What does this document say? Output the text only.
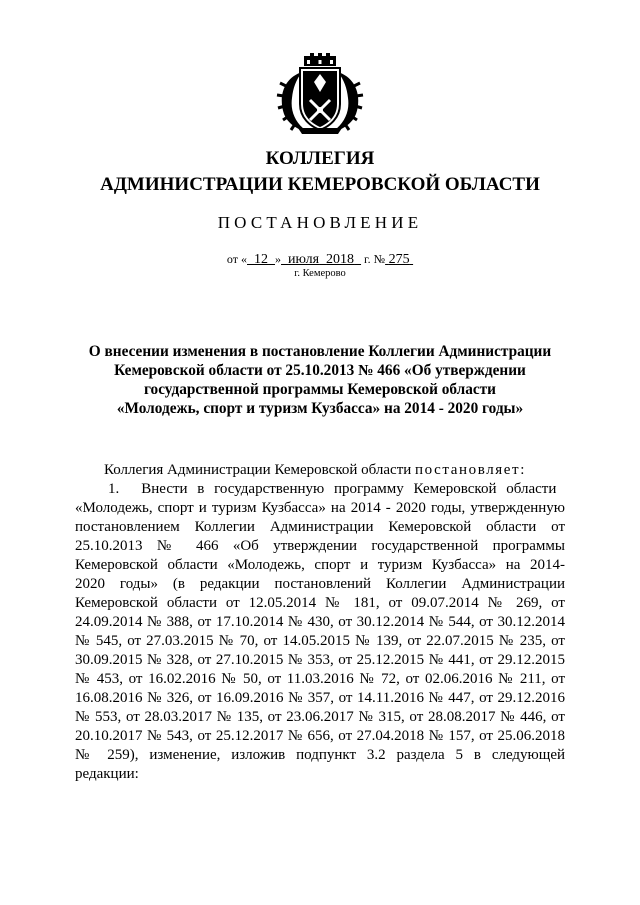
КОЛЛЕГИЯ
АДМИНИСТРАЦИИ КЕМЕРОВСКОЙ ОБЛАСТИ
ПОСТАНОВЛЕНИЕ
от « 12 » июля 2018 г. № 275
г. Кемерово
О внесении изменения в постановление Коллегии Администрации
Кемеровской области от 25.10.2013 № 466 «Об утверждении
государственной программы Кемеровской области
«Молодежь, спорт и туризм Кузбасса» на 2014 - 2020 годы»
Коллегия Администрации Кемеровской области постановляет:
1. Внести в государственную программу Кемеровской области
«Молодежь, спорт и туризм Кузбасса» на 2014 - 2020 годы, утвержденную
постановлением Коллегии Администрации Кемеровской области от
25.10.2013 № 466 «Об утверждении государственной программы
Кемеровской области «Молодежь, спорт и туризм Кузбасса» на 2014-
2020 годы» (в редакции постановлений Коллегии Администрации
Кемеровской области от 12.05.2014 № 181, от 09.07.2014 № 269, от
24.09.2014 № 388, от 17.10.2014 № 430, от 30.12.2014 № 544, от 30.12.2014
№ 545, от 27.03.2015 № 70, от 14.05.2015 № 139, от 22.07.2015 № 235, от
30.09.2015 № 328, от 27.10.2015 № 353, от 25.12.2015 № 441, от 29.12.2015
№ 453, от 16.02.2016 № 50, от 11.03.2016 № 72, от 02.06.2016 № 211, от
16.08.2016 № 326, от 16.09.2016 № 357, от 14.11.2016 № 447, от 29.12.2016
№ 553, от 28.03.2017 № 135, от 23.06.2017 № 315, от 28.08.2017 № 446, от
20.10.2017 № 543, от 25.12.2017 № 656, от 27.04.2018 № 157, от 25.06.2018
№ 259), изменение, изложив подпункт 3.2 раздела 5 в следующей
редакции:
